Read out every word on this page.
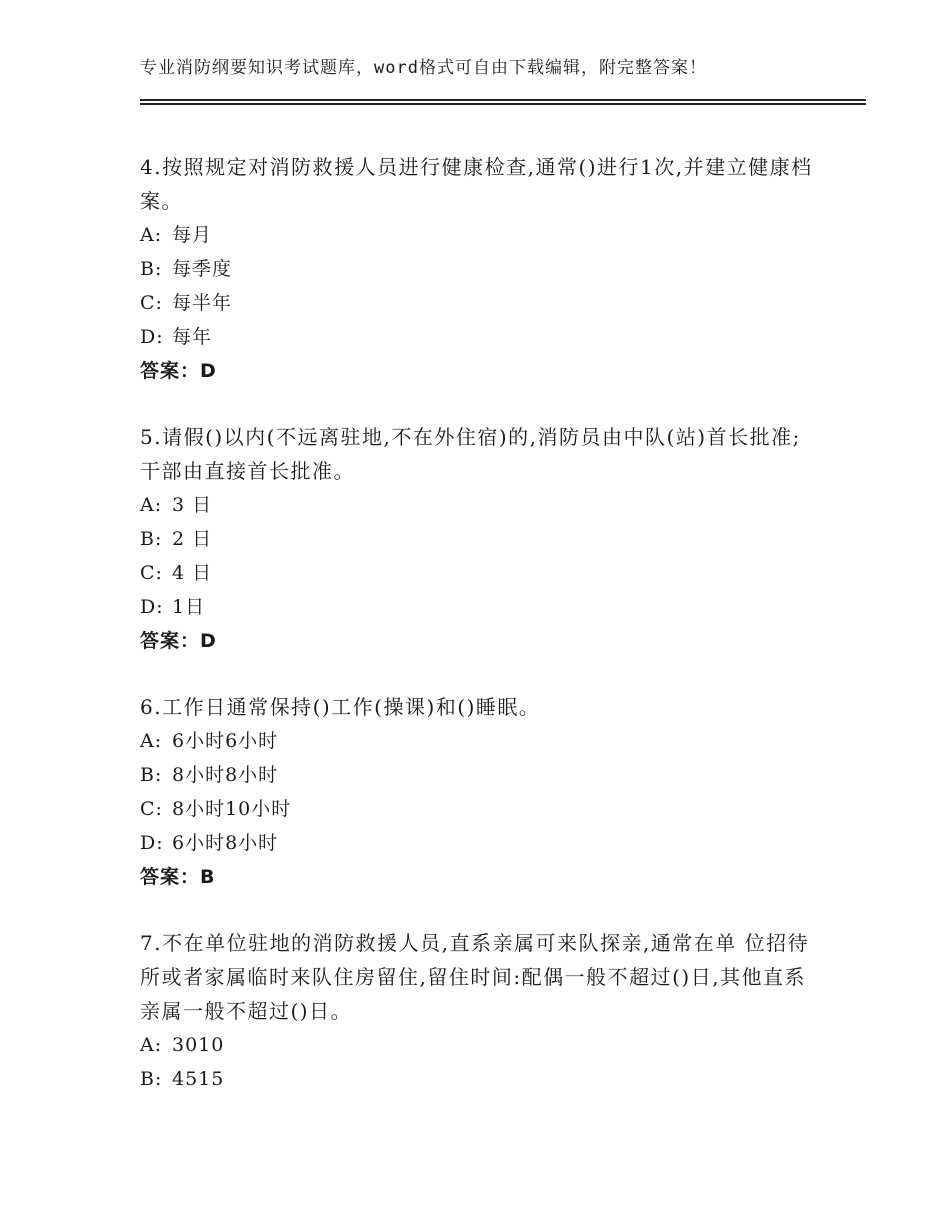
专业消防纲要知识考试题库，word格式可自由下载编辑，附完整答案！

4.按照规定对消防救援人员进行健康检查,通常()进行1次,并建立健康档案。

A: 每月

B: 每季度

C: 每半年

D: 每年

答案：D

5.请假()以内(不远离驻地,不在外住宿)的,消防员由中队(站)首长批准;干部由直接首长批准。

A: 3 日

B: 2 日

C: 4 日

D: 1日

答案：D

6.工作日通常保持()工作(操课)和()睡眠。

A: 6小时6小时

B: 8小时8小时

C: 8小时10小时

D: 6小时8小时

答案：B

7.不在单位驻地的消防救援人员,直系亲属可来队探亲,通常在单 位招待所或者家属临时来队住房留住,留住时间:配偶一般不超过()日,其他直系亲属一般不超过()日。

A: 3010

B: 4515
